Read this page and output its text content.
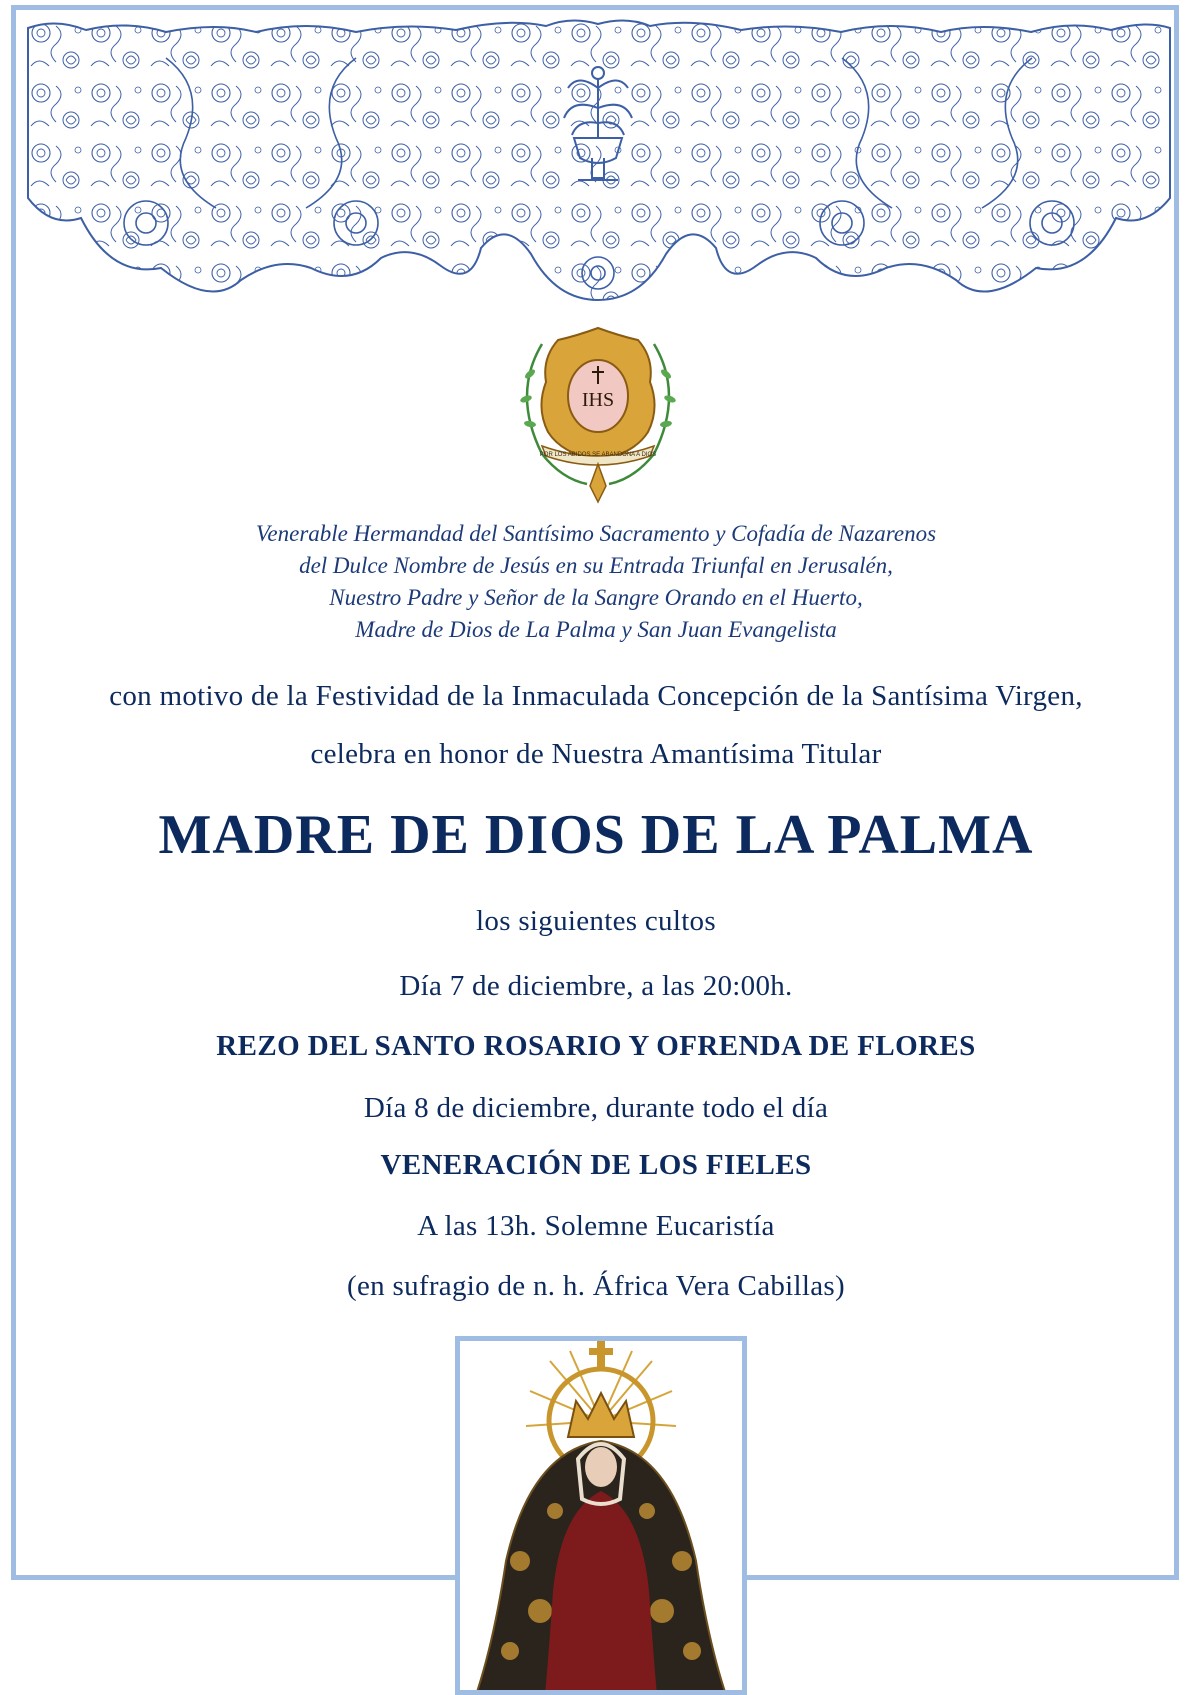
IHS
POR LOS ABIDOS SE ABANDONA A DIOS
Venerable Hermandad del Santísimo Sacramento y Cofadía de Nazarenos
del Dulce Nombre de Jesús en su Entrada Triunfal en Jerusalén,
Nuestro Padre y Señor de la Sangre Orando en el Huerto,
Madre de Dios de La Palma y San Juan Evangelista
con motivo de la Festividad de la Inmaculada Concepción de la Santísima Virgen,
celebra en honor de Nuestra Amantísima Titular
MADRE DE DIOS DE LA PALMA
los siguientes cultos
Día 7 de diciembre, a las 20:00h.
REZO DEL SANTO ROSARIO Y OFRENDA DE FLORES
Día 8 de diciembre, durante todo el día
VENERACIÓN DE LOS FIELES
A las 13h. Solemne Eucaristía
(en sufragio de n. h. África Vera Cabillas)
